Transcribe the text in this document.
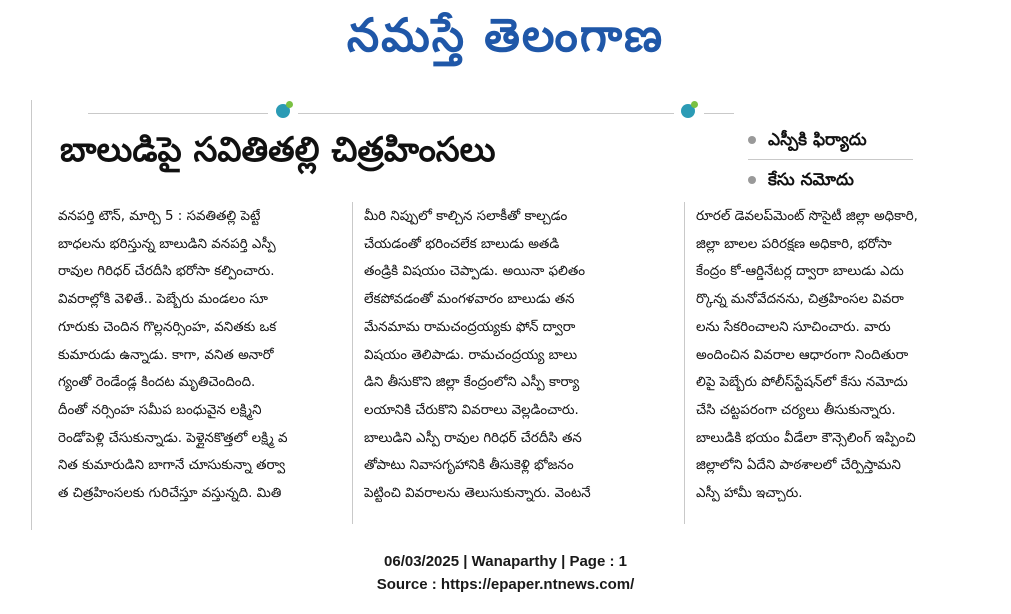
నమస్తే తెలంగాణ
బాలుడిపై సవితితల్లి చిత్రహింసలు	ఎస్పీకి ఫిర్యాదు
కేసు నమోదు
వనపర్తి టౌన్, మార్చి 5 : సవతితల్లి పెట్టే
బాధలను భరిస్తున్న బాలుడిని వనపర్తి ఎస్పీ
రావుల గిరిధర్ చేరదీసి భరోసా కల్పించారు.
వివరాల్లోకి వెళితే.. పెబ్బేరు మండలం సూ
గూరుకు చెందిన గొల్లనర్సింహ, వనితకు ఒక
కుమారుడు ఉన్నాడు. కాగా, వనిత అనారో
గ్యంతో రెండేండ్ల కిందట మృతిచెందింది.
దీంతో నర్సింహ సమీప బంధువైన లక్ష్మిని
రెండోపెళ్లి చేసుకున్నాడు. పెళ్లైనకొత్తలో లక్ష్మి వ
నిత కుమారుడిని బాగానే చూసుకున్నా తర్వా
త చిత్రహింసలకు గురిచేస్తూ వస్తున్నది. మితి
మీరి నిప్పులో కాల్చిన సలాకీతో కాల్చడం
చేయడంతో భరించలేక బాలుడు అతడి
తండ్రికి విషయం చెప్పాడు. అయినా ఫలితం
లేకపోవడంతో మంగళవారం బాలుడు తన
మేనమామ రామచంద్రయ్యకు ఫోన్ ద్వారా
విషయం తెలిపాడు. రామచంద్రయ్య బాలు
డిని తీసుకొని జిల్లా కేంద్రంలోని ఎస్పీ కార్యా
లయానికి చేరుకొని వివరాలు వెల్లడించారు.
బాలుడిని ఎస్పీ రావుల గిరిధర్ చేరదీసి తన
తోపాటు నివాసగృహానికి తీసుకెళ్లి భోజనం
పెట్టించి వివరాలను తెలుసుకున్నారు. వెంటనే
రూరల్ డెవలప్‌మెంట్ సొసైటీ జిల్లా అధికారి,
జిల్లా బాలల పరిరక్షణ అధికారి, భరోసా
కేంద్రం కో-ఆర్డినేటర్ల ద్వారా బాలుడు ఎదు
ర్కొన్న మనోవేదనను, చిత్రహింసల వివరా
లను సేకరించాలని సూచించారు. వారు
అందించిన వివరాల ఆధారంగా నిందితురా
లిపై పెబ్బేరు పోలీస్‌స్టేషన్‌లో కేసు నమోదు
చేసి చట్టపరంగా చర్యలు తీసుకున్నారు.
బాలుడికి భయం వీడేలా కౌన్సెలింగ్ ఇప్పించి
జిల్లాలోని ఏదేని పాఠశాలలో చేర్పిస్తామని
ఎస్పీ హామీ ఇచ్చారు.
06/03/2025 | Wanaparthy | Page : 1
Source : https://epaper.ntnews.com/
